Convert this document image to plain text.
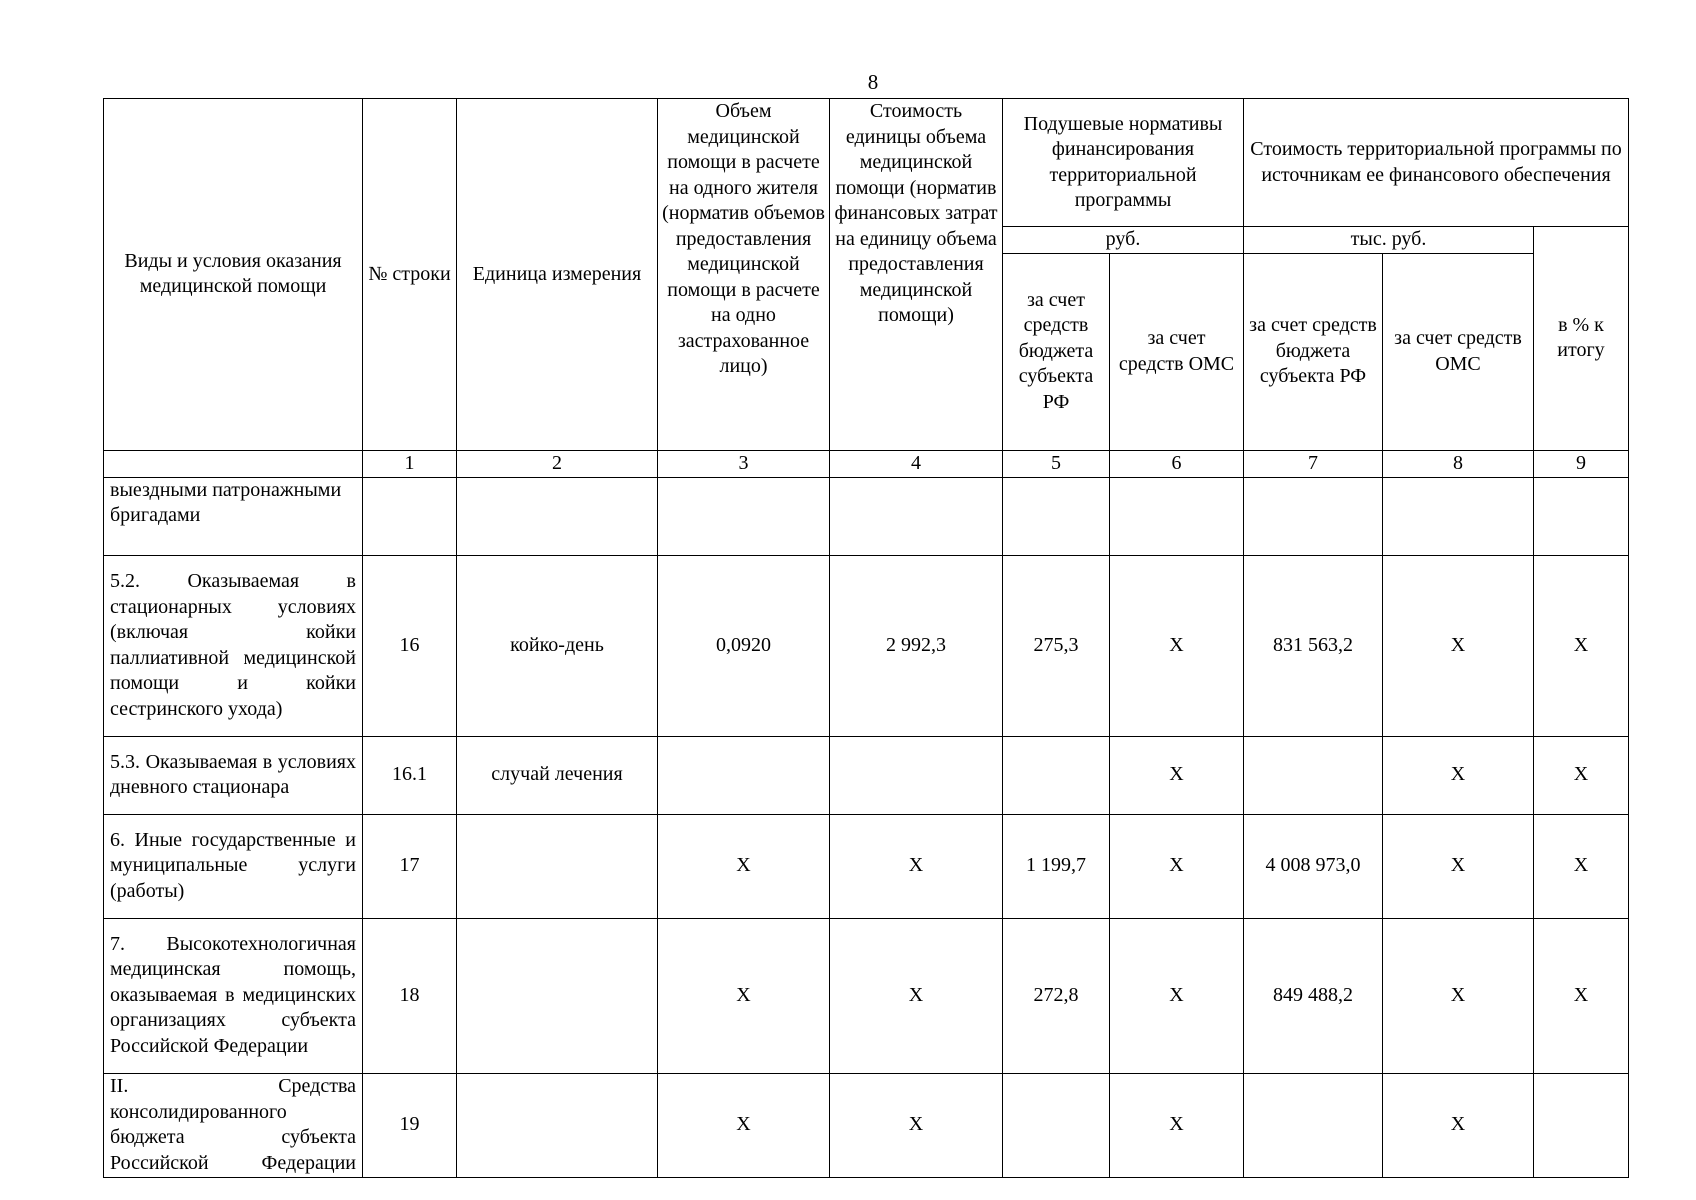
8
Виды и условия оказания медицинской помощи	№ строки	Единица измерения	Объем медицинской помощи в расчете на одного жителя (норматив объемов предоставления медицинской помощи в расчете на одно застрахованное лицо)	Стоимость единицы объема медицинской помощи (норматив финансовых затрат на единицу объема предоставления медицинской помощи)	Подушевые нормативы финансирования территориальной программы		Стоимость территориальной программы по источникам ее финансового обеспечения		
					руб.		тыс. руб.		в % к итогу
					за счет средств бюджета субъекта РФ	за счет средств ОМС	за счет средств бюджета субъекта РФ	за счет средств ОМС	
	1	2	3	4	5	6	7	8	9
выездными патронажными бригадами									
5.2. Оказываемая в стационарных условиях (включая койки паллиативной медицинской помощи и койки сестринского ухода)	16	койко-день	0,0920	2 992,3	275,3	X	831 563,2	X	X
5.3. Оказываемая в условиях дневного стационара	16.1	случай лечения				X		X	X
6. Иные государственные и муниципальные услуги (работы)	17		X	X	1 199,7	X	4 008 973,0	X	X
7. Высокотехнологичная медицинская помощь, оказываемая в медицинских организациях субъекта Российской Федерации	18		X	X	272,8	X	849 488,2	X	X
II. Средства консолидированного бюджета субъекта Российской Федерации	19		X	X		X		X	
